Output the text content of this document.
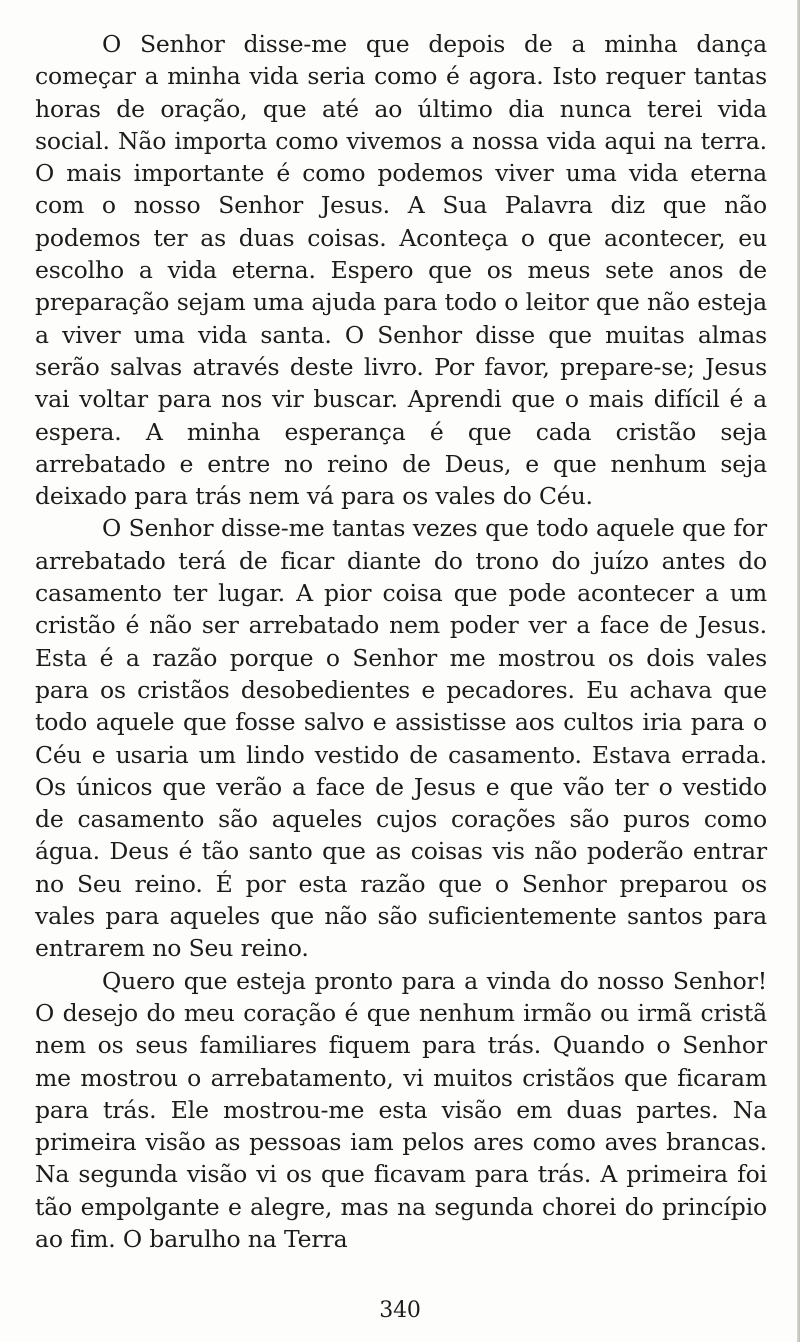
O Senhor disse-me que depois de a minha dança começar a minha vida seria como é agora. Isto requer tantas horas de oração, que até ao último dia nunca terei vida social. Não importa como vivemos a nossa vida aqui na terra. O mais importante é como podemos viver uma vida eterna com o nosso Senhor Jesus. A Sua Palavra diz que não podemos ter as duas coisas. Aconteça o que acontecer, eu escolho a vida eterna. Espero que os meus sete anos de preparação sejam uma ajuda para todo o leitor que não esteja a viver uma vida santa. O Senhor disse que muitas almas serão salvas através deste livro. Por favor, prepare-se; Jesus vai voltar para nos vir buscar. Aprendi que o mais difícil é a espera. A minha esperança é que cada cristão seja arrebatado e entre no reino de Deus, e que nenhum seja deixado para trás nem vá para os vales do Céu.

O Senhor disse-me tantas vezes que todo aquele que for arrebatado terá de ficar diante do trono do juízo antes do casamento ter lugar. A pior coisa que pode acontecer a um cristão é não ser arrebatado nem poder ver a face de Jesus. Esta é a razão porque o Senhor me mostrou os dois vales para os cristãos desobedientes e pecadores. Eu achava que todo aquele que fosse salvo e assistisse aos cultos iria para o Céu e usaria um lindo vestido de casamento. Estava errada. Os únicos que verão a face de Jesus e que vão ter o vestido de casamento são aqueles cujos corações são puros como água. Deus é tão santo que as coisas vis não poderão entrar no Seu reino. É por esta razão que o Senhor preparou os vales para aqueles que não são suficientemente santos para entrarem no Seu reino.

Quero que esteja pronto para a vinda do nosso Senhor! O desejo do meu coração é que nenhum irmão ou irmã cristã nem os seus familiares fiquem para trás. Quando o Senhor me mostrou o arrebatamento, vi muitos cristãos que ficaram para trás. Ele mostrou-me esta visão em duas partes. Na primeira visão as pessoas iam pelos ares como aves brancas. Na segunda visão vi os que ficavam para trás. A primeira foi tão empolgante e alegre, mas na segunda chorei do princípio ao fim. O barulho na Terra

340
